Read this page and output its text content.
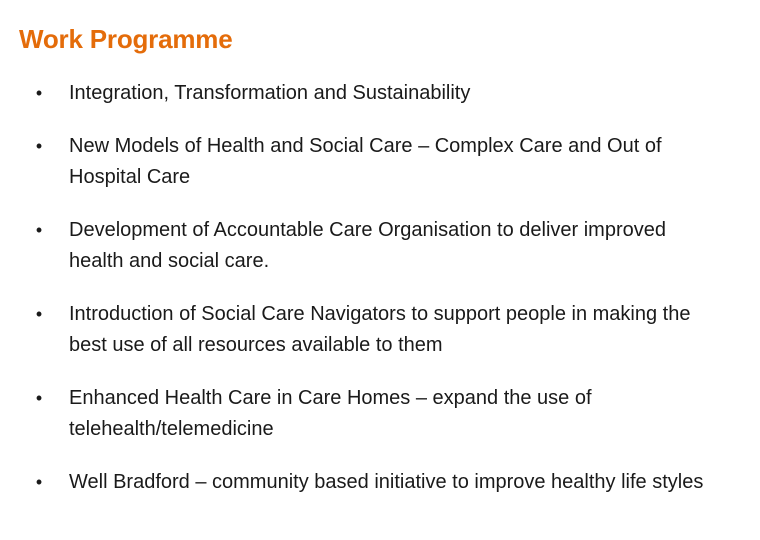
Work Programme
• Integration, Transformation and Sustainability
• New Models of Health and Social Care – Complex Care and Out of Hospital Care
• Development of Accountable Care Organisation to deliver improved health and social care.
• Introduction of Social Care Navigators to support people in making the best use of all resources available to them
• Enhanced Health Care in Care Homes – expand the use of telehealth/telemedicine
• Well Bradford – community based initiative to improve healthy life styles
